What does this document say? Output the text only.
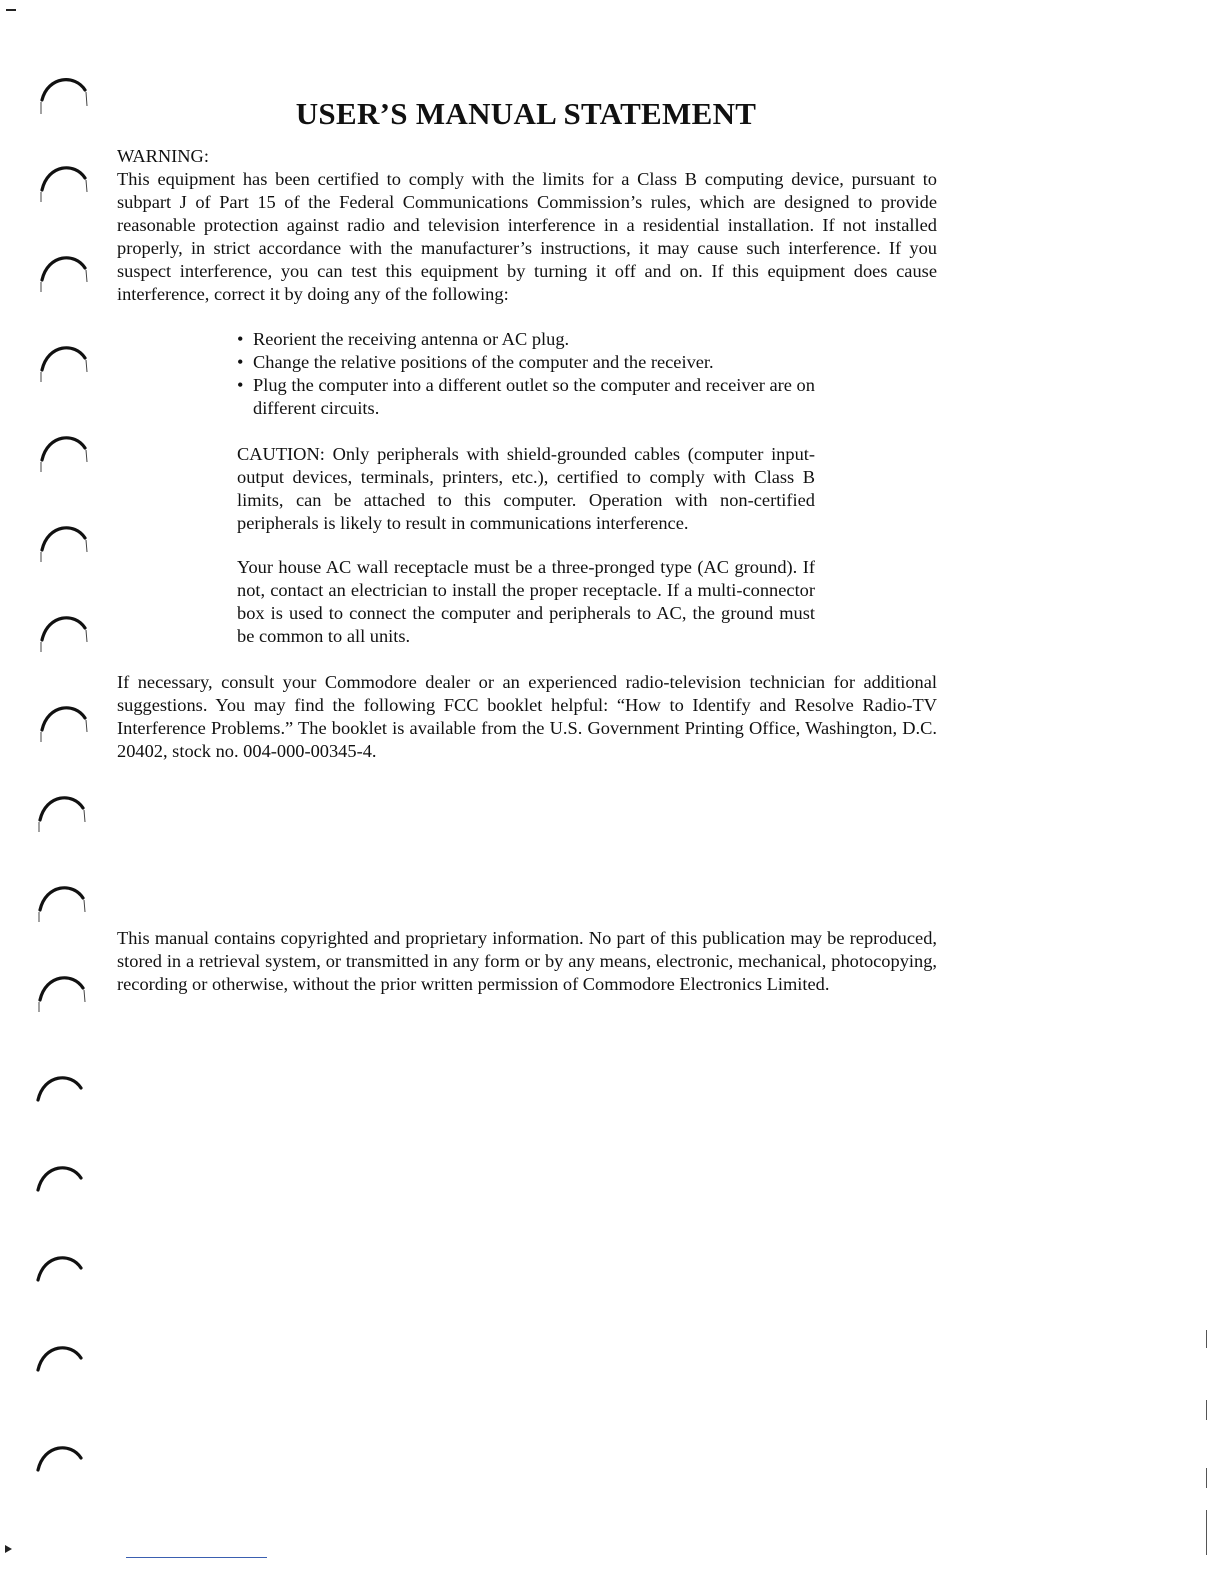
USER’S MANUAL STATEMENT
WARNING:
This equipment has been certified to comply with the limits for a Class B computing device, pursuant to subpart J of Part 15 of the Federal Communications Commission’s rules, which are designed to provide reasonable protection against radio and television interference in a residential installation. If not installed properly, in strict accordance with the manufacturer’s instructions, it may cause such interference. If you suspect interference, you can test this equipment by turning it off and on. If this equipment does cause interference, correct it by doing any of the following:
• Reorient the receiving antenna or AC plug.
• Change the relative positions of the computer and the receiver.
• Plug the computer into a different outlet so the computer and receiver are on different circuits.
CAUTION: Only peripherals with shield-grounded cables (computer input-output devices, terminals, printers, etc.), certified to comply with Class B limits, can be attached to this computer. Operation with non-certified peripherals is likely to result in communications interference.
Your house AC wall receptacle must be a three-pronged type (AC ground). If not, contact an electrician to install the proper receptacle. If a multi-connector box is used to connect the computer and peripherals to AC, the ground must be common to all units.
If necessary, consult your Commodore dealer or an experienced radio-television technician for additional suggestions. You may find the following FCC booklet helpful: “How to Identify and Resolve Radio-TV Interference Problems.” The booklet is available from the U.S. Government Printing Office, Washington, D.C. 20402, stock no. 004-000-00345-4.
This manual contains copyrighted and proprietary information. No part of this publication may be reproduced, stored in a retrieval system, or transmitted in any form or by any means, electronic, mechanical, photocopying, recording or otherwise, without the prior written permission of Commodore Electronics Limited.
